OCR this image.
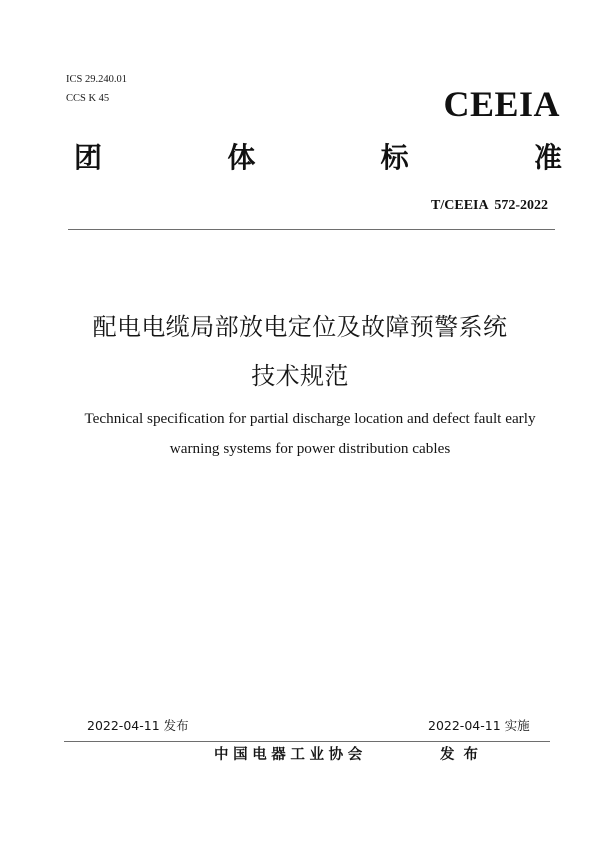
ICS 29.240.01
CCS K 45	CEEIA
团	体	标	准
T/CEEIA 572-2022
配电电缆局部放电定位及故障预警系统
技术规范
Technical specification for partial discharge location and defect fault early
warning systems for power distribution cables
2022-04-11 发布	2022-04-11 实施
中国电器工业协会	发布
